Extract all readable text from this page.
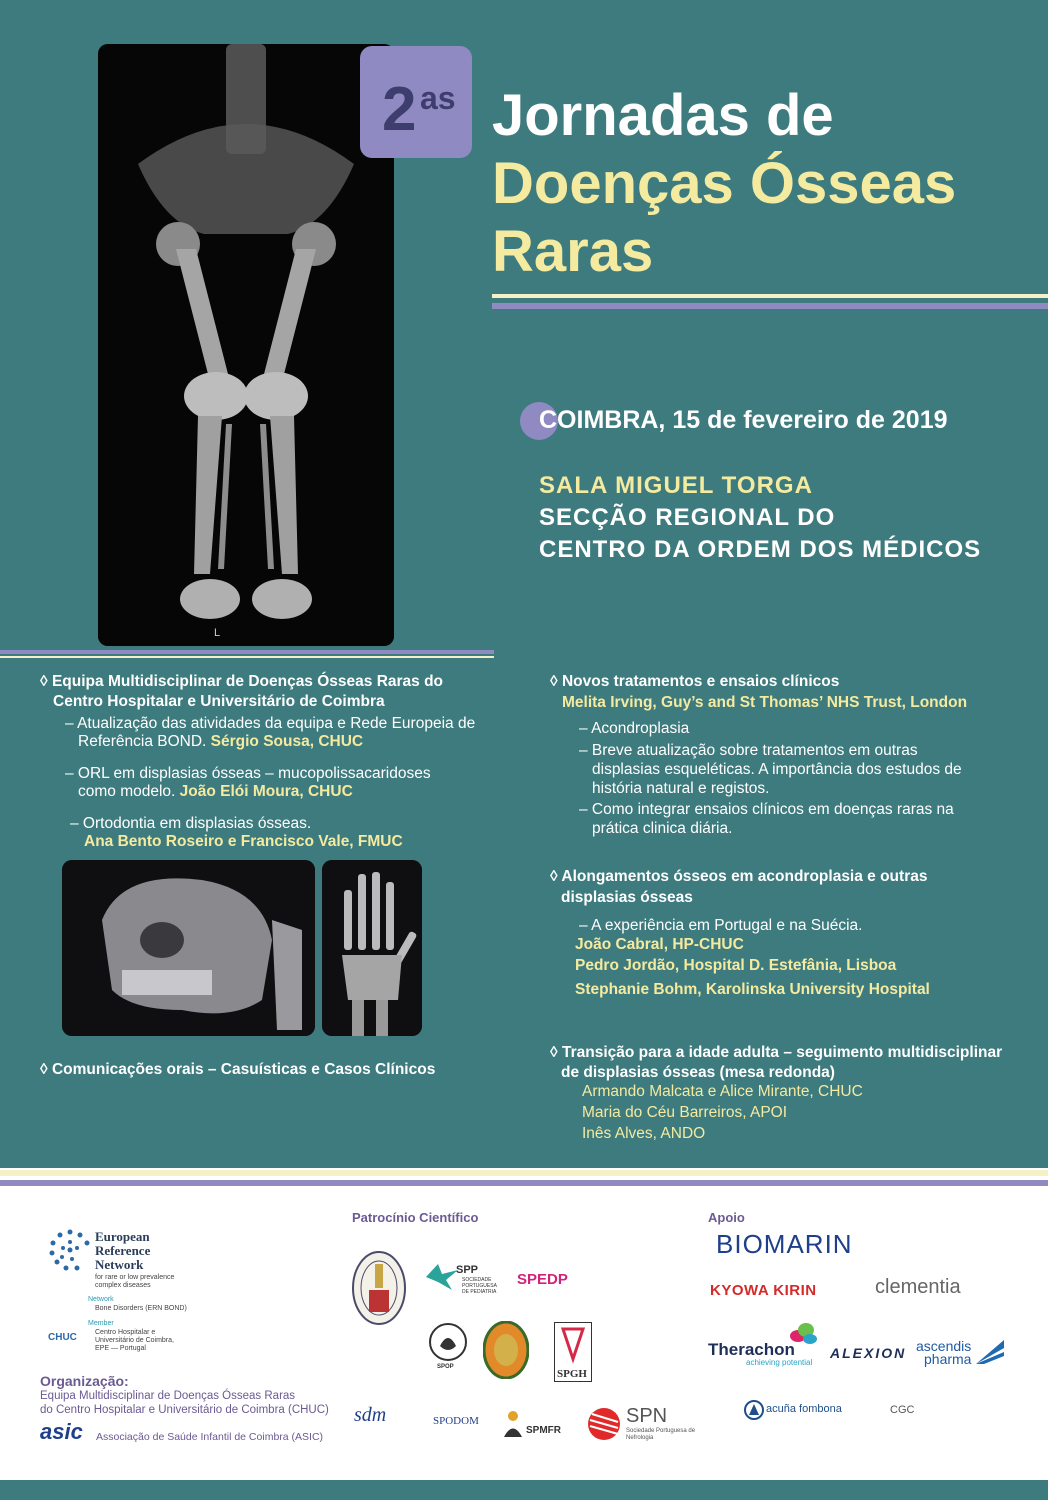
L
2 as Jornadas de
Doenças Ósseas
Raras
COIMBRA, 15 de fevereiro de 2019
SALA MIGUEL TORGA
SECÇÃO REGIONAL DO
CENTRO DA ORDEM DOS MÉDICOS
◊ Equipa Multidisciplinar de Doenças Ósseas Raras do
Centro Hospitalar e Universitário de Coimbra
– Atualização das atividades da equipa e Rede Europeia de
Referência BOND. Sérgio Sousa, CHUC
– ORL em displasias ósseas – mucopolissacaridoses
como modelo. João Elói Moura, CHUC
– Ortodontia em displasias ósseas.
Ana Bento Roseiro e Francisco Vale, FMUC
◊ Comunicações orais – Casuísticas e Casos Clínicos
◊ Novos tratamentos e ensaios clínicos
Melita Irving, Guy’s and St Thomas’ NHS Trust, London
– Acondroplasia
– Breve atualização sobre tratamentos em outras
displasias esqueléticas. A importância dos estudos de
história natural e registos.
– Como integrar ensaios clínicos em doenças raras na
prática clinica diária.
◊ Alongamentos ósseos em acondroplasia e outras
displasias ósseas
– A experiência em Portugal e na Suécia.
João Cabral, HP-CHUC
Pedro Jordão, Hospital D. Estefânia, Lisboa
Stephanie Bohm, Karolinska University Hospital
◊ Transição para a idade adulta – seguimento multidisciplinar
de displasias ósseas (mesa redonda)
Armando Malcata e Alice Mirante, CHUC
Maria do Céu Barreiros, APOI
Inês Alves, ANDO
European
Reference
Network
for rare or low prevalence complex diseases
Network
Bone Disorders (ERN BOND)
Member
Centro Hospitalar e Universitário de Coimbra, EPE — Portugal
CHUC
Organização:
Equipa Multidisciplinar de Doenças Ósseas Raras
do Centro Hospitalar e Universitário de Coimbra (CHUC)
asic Associação de Saúde Infantil de Coimbra (ASIC)
Patrocínio Científico
SPP
SOCIEDADE PORTUGUESA DE PEDIATRIA
SPEDP
SPOP
SPGH
sdm	SPODOM
SPMFR
SPN
Sociedade Portuguesa de Nefrologia
Apoio
BIOMARIN
KYOWA KIRIN	clementia
Therachon
achieving potential
ALEXION ascendis
pharma
acuña fombona	CGC
